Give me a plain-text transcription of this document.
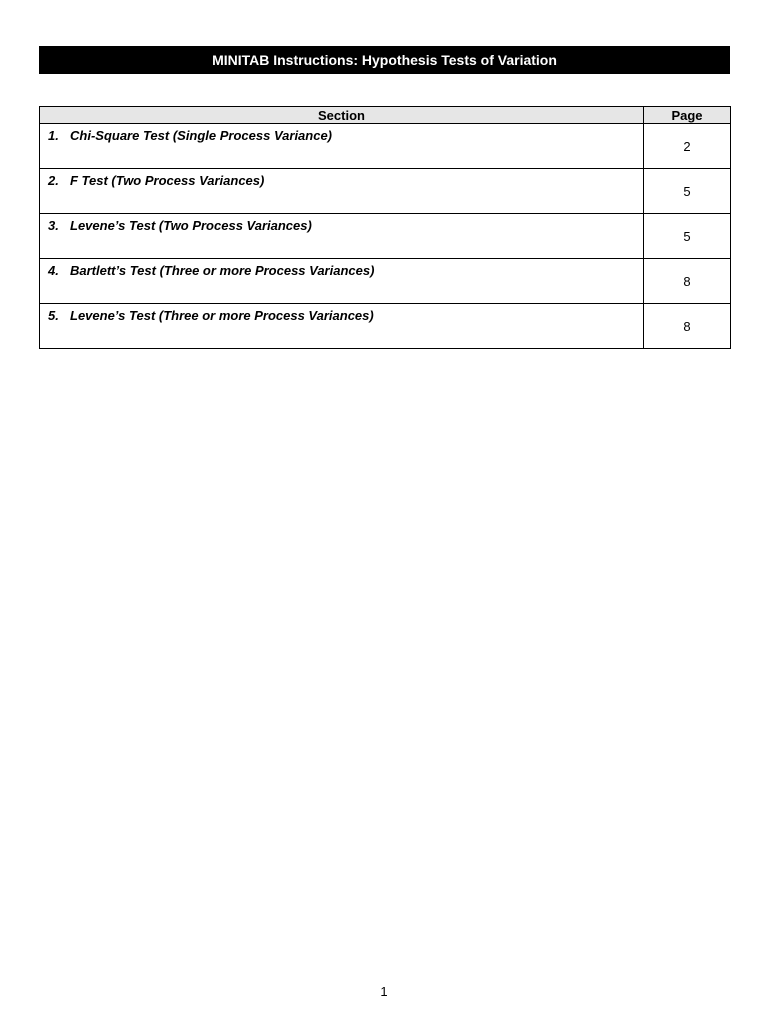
MINITAB Instructions: Hypothesis Tests of Variation
Section	Page
1. Chi-Square Test (Single Process Variance)	2
2. F Test (Two Process Variances)	5
3. Levene’s Test (Two Process Variances)	5
4. Bartlett’s Test (Three or more Process Variances)	8
5. Levene’s Test (Three or more Process Variances)	8
1
